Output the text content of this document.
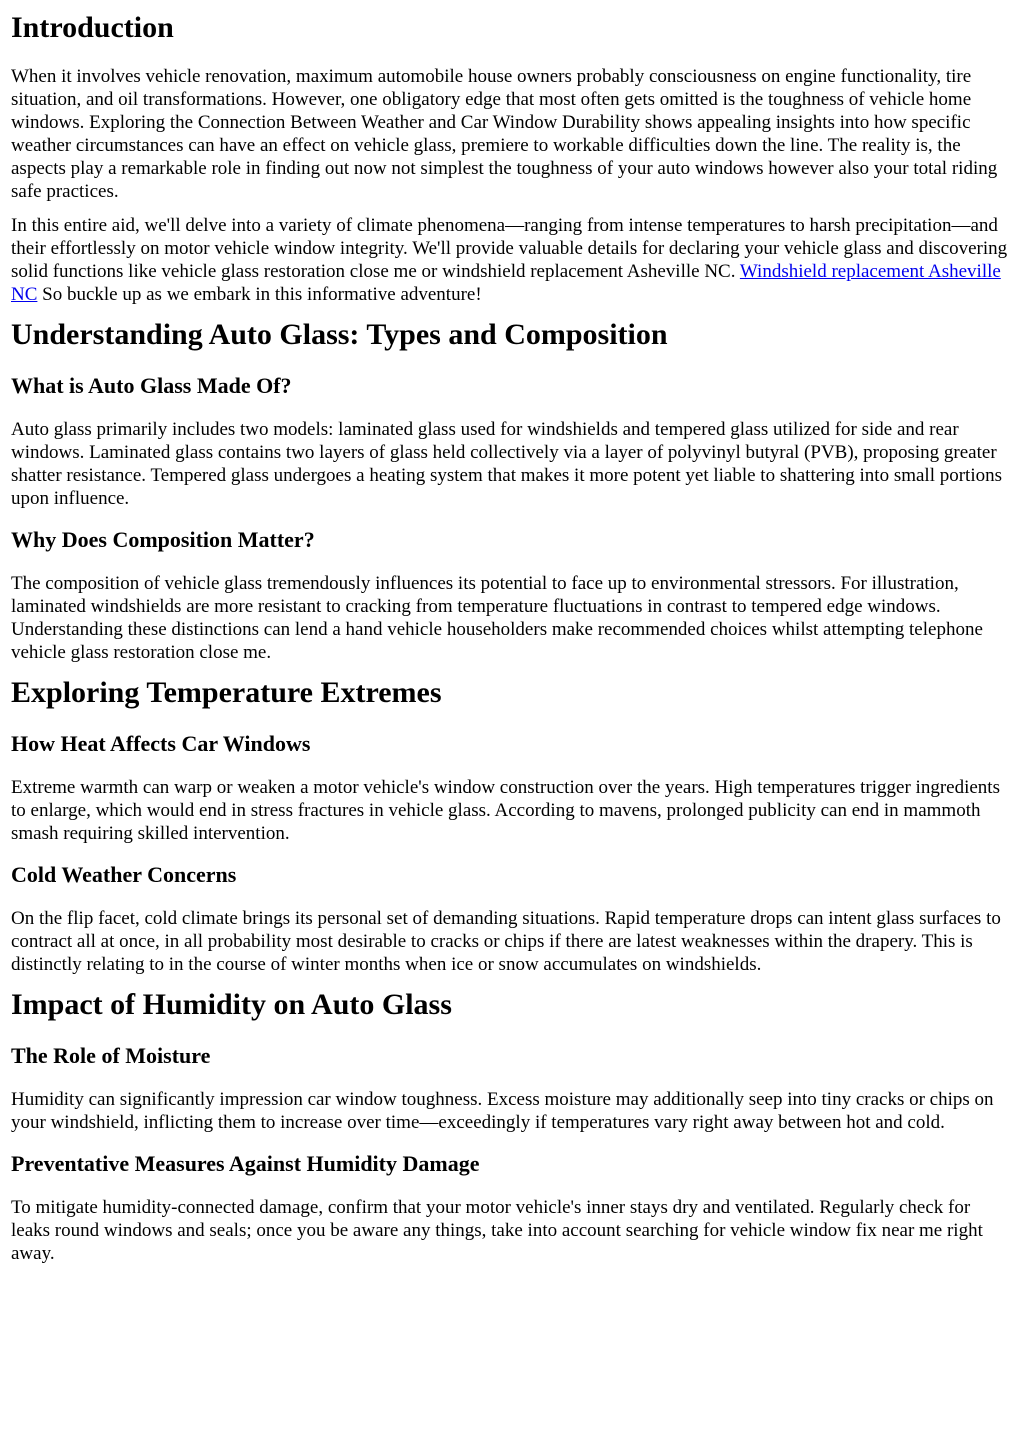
Introduction

When it involves vehicle renovation, maximum automobile house owners probably consciousness on engine functionality, tire situation, and oil transformations. However, one obligatory edge that most often gets omitted is the toughness of vehicle home windows. Exploring the Connection Between Weather and Car Window Durability shows appealing insights into how specific weather circumstances can have an effect on vehicle glass, premiere to workable difficulties down the line. The reality is, the aspects play a remarkable role in finding out now not simplest the toughness of your auto windows however also your total riding safe practices.

In this entire aid, we'll delve into a variety of climate phenomena—ranging from intense temperatures to harsh precipitation—and their effortlessly on motor vehicle window integrity. We'll provide valuable details for declaring your vehicle glass and discovering solid functions like vehicle glass restoration close me or windshield replacement Asheville NC. Windshield replacement Asheville NC So buckle up as we embark in this informative adventure!

Understanding Auto Glass: Types and Composition
What is Auto Glass Made Of?

Auto glass primarily includes two models: laminated glass used for windshields and tempered glass utilized for side and rear windows. Laminated glass contains two layers of glass held collectively via a layer of polyvinyl butyral (PVB), proposing greater shatter resistance. Tempered glass undergoes a heating system that makes it more potent yet liable to shattering into small portions upon influence.

Why Does Composition Matter?

The composition of vehicle glass tremendously influences its potential to face up to environmental stressors. For illustration, laminated windshields are more resistant to cracking from temperature fluctuations in contrast to tempered edge windows. Understanding these distinctions can lend a hand vehicle householders make recommended choices whilst attempting telephone vehicle glass restoration close me.

Exploring Temperature Extremes
How Heat Affects Car Windows

Extreme warmth can warp or weaken a motor vehicle's window construction over the years. High temperatures trigger ingredients to enlarge, which would end in stress fractures in vehicle glass. According to mavens, prolonged publicity can end in mammoth smash requiring skilled intervention.

Cold Weather Concerns

On the flip facet, cold climate brings its personal set of demanding situations. Rapid temperature drops can intent glass surfaces to contract all at once, in all probability most desirable to cracks or chips if there are latest weaknesses within the drapery. This is distinctly relating to in the course of winter months when ice or snow accumulates on windshields.

Impact of Humidity on Auto Glass
The Role of Moisture

Humidity can significantly impression car window toughness. Excess moisture may additionally seep into tiny cracks or chips on your windshield, inflicting them to increase over time—exceedingly if temperatures vary right away between hot and cold.

Preventative Measures Against Humidity Damage

To mitigate humidity-connected damage, confirm that your motor vehicle's inner stays dry and ventilated. Regularly check for leaks round windows and seals; once you be aware any things, take into account searching for vehicle window fix near me right away.
